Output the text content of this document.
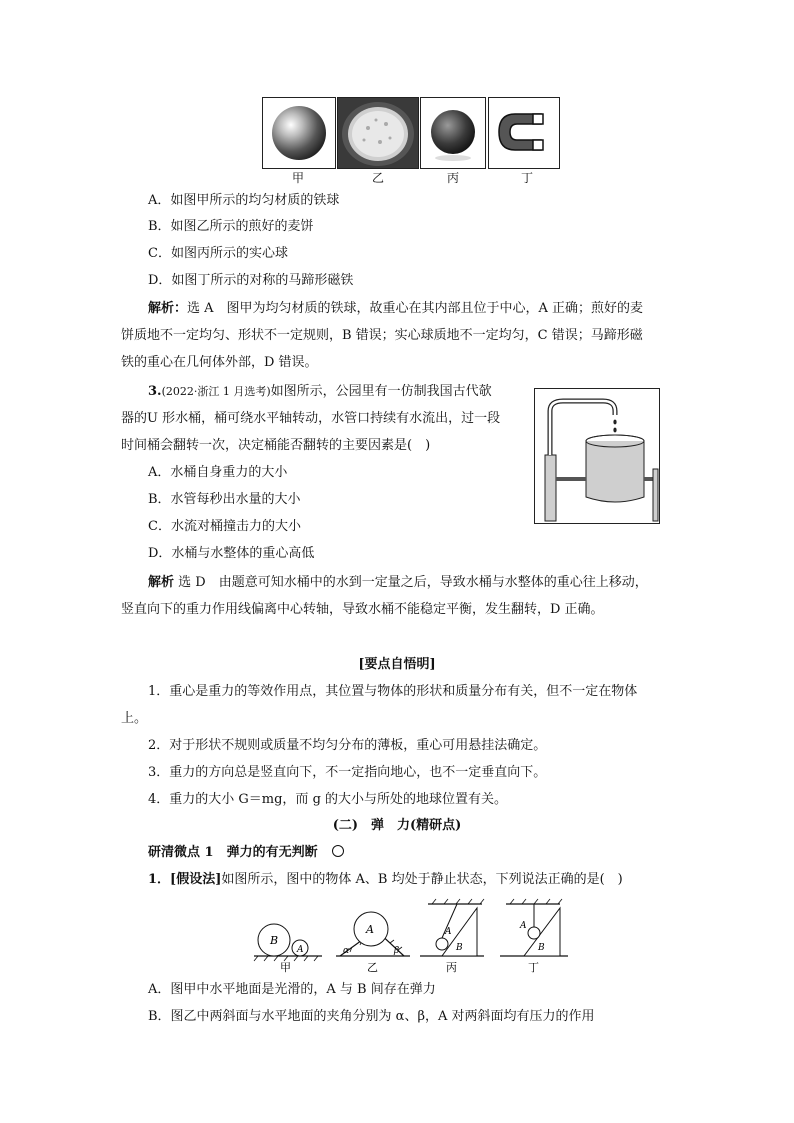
甲	乙	丙	丁
A．如图甲所示的均匀材质的铁球
B．如图乙所示的煎好的麦饼
C．如图丙所示的实心球
D．如图丁所示的对称的马蹄形磁铁
解析：选 A　图甲为均匀材质的铁球，故重心在其内部且位于中心，A 正确；煎好的麦
饼质地不一定均匀、形状不一定规则，B 错误；实心球质地不一定均匀，C 错误；马蹄形磁
铁的重心在几何体外部，D 错误。
3.(2022·浙江 1 月选考)如图所示，公园里有一仿制我国古代欹
器的U 形水桶，桶可绕水平轴转动，水管口持续有水流出，过一段
时间桶会翻转一次，决定桶能否翻转的主要因素是(　)
A．水桶自身重力的大小
B．水管每秒出水量的大小
C．水流对桶撞击力的大小
D．水桶与水整体的重心高低
解析 选 D　由题意可知水桶中的水到一定量之后，导致水桶与水整体的重心往上移动，
竖直向下的重力作用线偏离中心转轴，导致水桶不能稳定平衡，发生翻转，D 正确。
[要点自悟明]
1．重心是重力的等效作用点，其位置与物体的形状和质量分布有关，但不一定在物体
上。
2．对于形状不规则或质量不均匀分布的薄板，重心可用悬挂法确定。
3．重力的方向总是竖直向下，不一定指向地心，也不一定垂直向下。
4．重力的大小 G＝mg，而 g 的大小与所处的地球位置有关。
(二)　弹　力(精研点)
研清微点 1　弹力的有无判断
1．[假设法]如图所示，图中的物体 A、B 均处于静止状态，下列说法正确的是(　)
B
A
甲
A
α	β
乙
A
B
丙
A
B
丁
A．图甲中水平地面是光滑的，A 与 B 间存在弹力
B．图乙中两斜面与水平地面的夹角分别为 α、β，A 对两斜面均有压力的作用
